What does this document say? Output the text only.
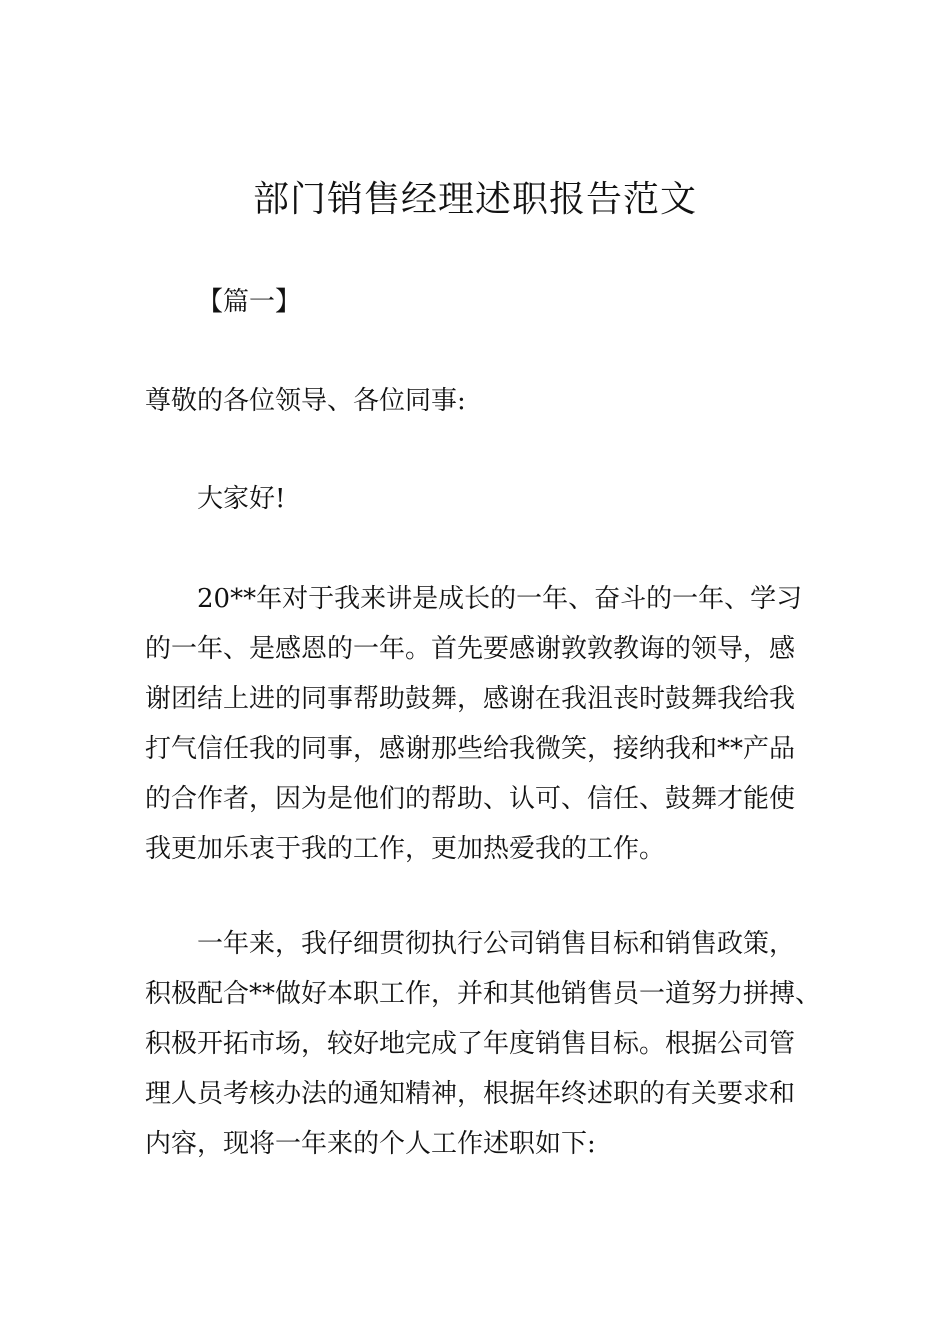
部门销售经理述职报告范文
【篇一】
尊敬的各位领导、各位同事:
大家好!
20**年对于我来讲是成长的一年、奋斗的一年、学习
的一年、是感恩的一年。首先要感谢敦敦教诲的领导，感
谢团结上进的同事帮助鼓舞，感谢在我沮丧时鼓舞我给我
打气信任我的同事，感谢那些给我微笑，接纳我和**产品
的合作者，因为是他们的帮助、认可、信任、鼓舞才能使
我更加乐衷于我的工作，更加热爱我的工作。
一年来，我仔细贯彻执行公司销售目标和销售政策，
积极配合**做好本职工作，并和其他销售员一道努力拼搏、
积极开拓市场，较好地完成了年度销售目标。根据公司管
理人员考核办法的通知精神，根据年终述职的有关要求和
内容，现将一年来的个人工作述职如下:
